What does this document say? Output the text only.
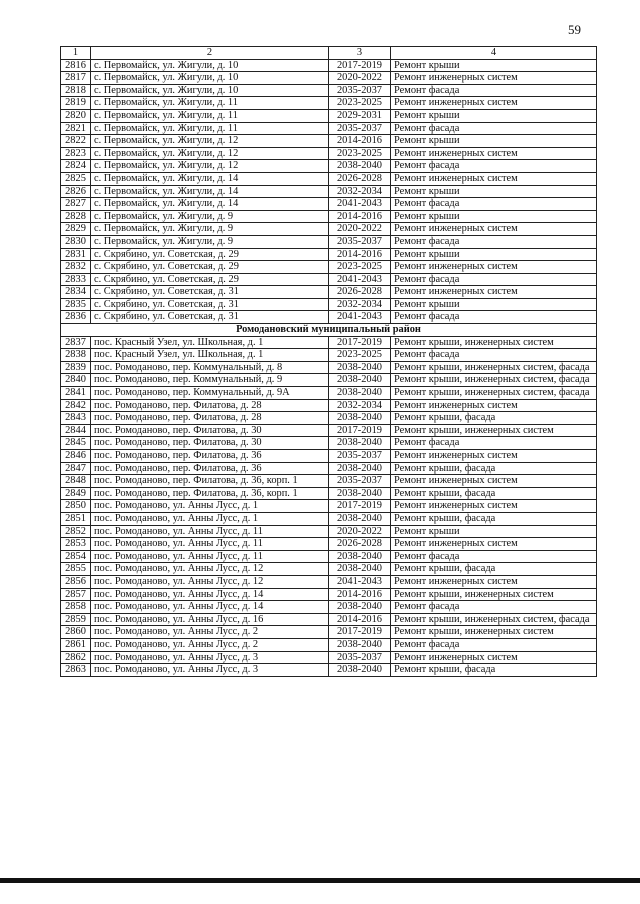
59
1	2	3	4
2816	с. Первомайск, ул. Жигули, д. 10	2017-2019	Ремонт крыши
2817	с. Первомайск, ул. Жигули, д. 10	2020-2022	Ремонт инженерных систем
2818	с. Первомайск, ул. Жигули, д. 10	2035-2037	Ремонт фасада
2819	с. Первомайск, ул. Жигули, д. 11	2023-2025	Ремонт инженерных систем
2820	с. Первомайск, ул. Жигули, д. 11	2029-2031	Ремонт крыши
2821	с. Первомайск, ул. Жигули, д. 11	2035-2037	Ремонт фасада
2822	с. Первомайск, ул. Жигули, д. 12	2014-2016	Ремонт крыши
2823	с. Первомайск, ул. Жигули, д. 12	2023-2025	Ремонт инженерных систем
2824	с. Первомайск, ул. Жигули, д. 12	2038-2040	Ремонт фасада
2825	с. Первомайск, ул. Жигули, д. 14	2026-2028	Ремонт инженерных систем
2826	с. Первомайск, ул. Жигули, д. 14	2032-2034	Ремонт крыши
2827	с. Первомайск, ул. Жигули, д. 14	2041-2043	Ремонт фасада
2828	с. Первомайск, ул. Жигули, д. 9	2014-2016	Ремонт крыши
2829	с. Первомайск, ул. Жигули, д. 9	2020-2022	Ремонт инженерных систем
2830	с. Первомайск, ул. Жигули, д. 9	2035-2037	Ремонт фасада
2831	с. Скрябино, ул. Советская, д. 29	2014-2016	Ремонт крыши
2832	с. Скрябино, ул. Советская, д. 29	2023-2025	Ремонт инженерных систем
2833	с. Скрябино, ул. Советская, д. 29	2041-2043	Ремонт фасада
2834	с. Скрябино, ул. Советская, д. 31	2026-2028	Ремонт инженерных систем
2835	с. Скрябино, ул. Советская, д. 31	2032-2034	Ремонт крыши
2836	с. Скрябино, ул. Советская, д. 31	2041-2043	Ремонт фасада
Ромодановский муниципальный район			
2837	пос. Красный Узел, ул. Школьная, д. 1	2017-2019	Ремонт крыши, инженерных систем
2838	пос. Красный Узел, ул. Школьная, д. 1	2023-2025	Ремонт фасада
2839	пос. Ромоданово, пер. Коммунальный, д. 8	2038-2040	Ремонт крыши, инженерных систем, фасада
2840	пос. Ромоданово, пер. Коммунальный, д. 9	2038-2040	Ремонт крыши, инженерных систем, фасада
2841	пос. Ромоданово, пер. Коммунальный, д. 9А	2038-2040	Ремонт крыши, инженерных систем, фасада
2842	пос. Ромоданово, пер. Филатова, д. 28	2032-2034	Ремонт инженерных систем
2843	пос. Ромоданово, пер. Филатова, д. 28	2038-2040	Ремонт крыши, фасада
2844	пос. Ромоданово, пер. Филатова, д. 30	2017-2019	Ремонт крыши, инженерных систем
2845	пос. Ромоданово, пер. Филатова, д. 30	2038-2040	Ремонт фасада
2846	пос. Ромоданово, пер. Филатова, д. 36	2035-2037	Ремонт инженерных систем
2847	пос. Ромоданово, пер. Филатова, д. 36	2038-2040	Ремонт крыши, фасада
2848	пос. Ромоданово, пер. Филатова, д. 36, корп. 1	2035-2037	Ремонт инженерных систем
2849	пос. Ромоданово, пер. Филатова, д. 36, корп. 1	2038-2040	Ремонт крыши, фасада
2850	пос. Ромоданово, ул. Анны Лусс, д. 1	2017-2019	Ремонт инженерных систем
2851	пос. Ромоданово, ул. Анны Лусс, д. 1	2038-2040	Ремонт крыши, фасада
2852	пос. Ромоданово, ул. Анны Лусс, д. 11	2020-2022	Ремонт крыши
2853	пос. Ромоданово, ул. Анны Лусс, д. 11	2026-2028	Ремонт инженерных систем
2854	пос. Ромоданово, ул. Анны Лусс, д. 11	2038-2040	Ремонт фасада
2855	пос. Ромоданово, ул. Анны Лусс, д. 12	2038-2040	Ремонт крыши, фасада
2856	пос. Ромоданово, ул. Анны Лусс, д. 12	2041-2043	Ремонт инженерных систем
2857	пос. Ромоданово, ул. Анны Лусс, д. 14	2014-2016	Ремонт крыши, инженерных систем
2858	пос. Ромоданово, ул. Анны Лусс, д. 14	2038-2040	Ремонт фасада
2859	пос. Ромоданово, ул. Анны Лусс, д. 16	2014-2016	Ремонт крыши, инженерных систем, фасада
2860	пос. Ромоданово, ул. Анны Лусс, д. 2	2017-2019	Ремонт крыши, инженерных систем
2861	пос. Ромоданово, ул. Анны Лусс, д. 2	2038-2040	Ремонт фасада
2862	пос. Ромоданово, ул. Анны Лусс, д. 3	2035-2037	Ремонт инженерных систем
2863	пос. Ромоданово, ул. Анны Лусс, д. 3	2038-2040	Ремонт крыши, фасада
